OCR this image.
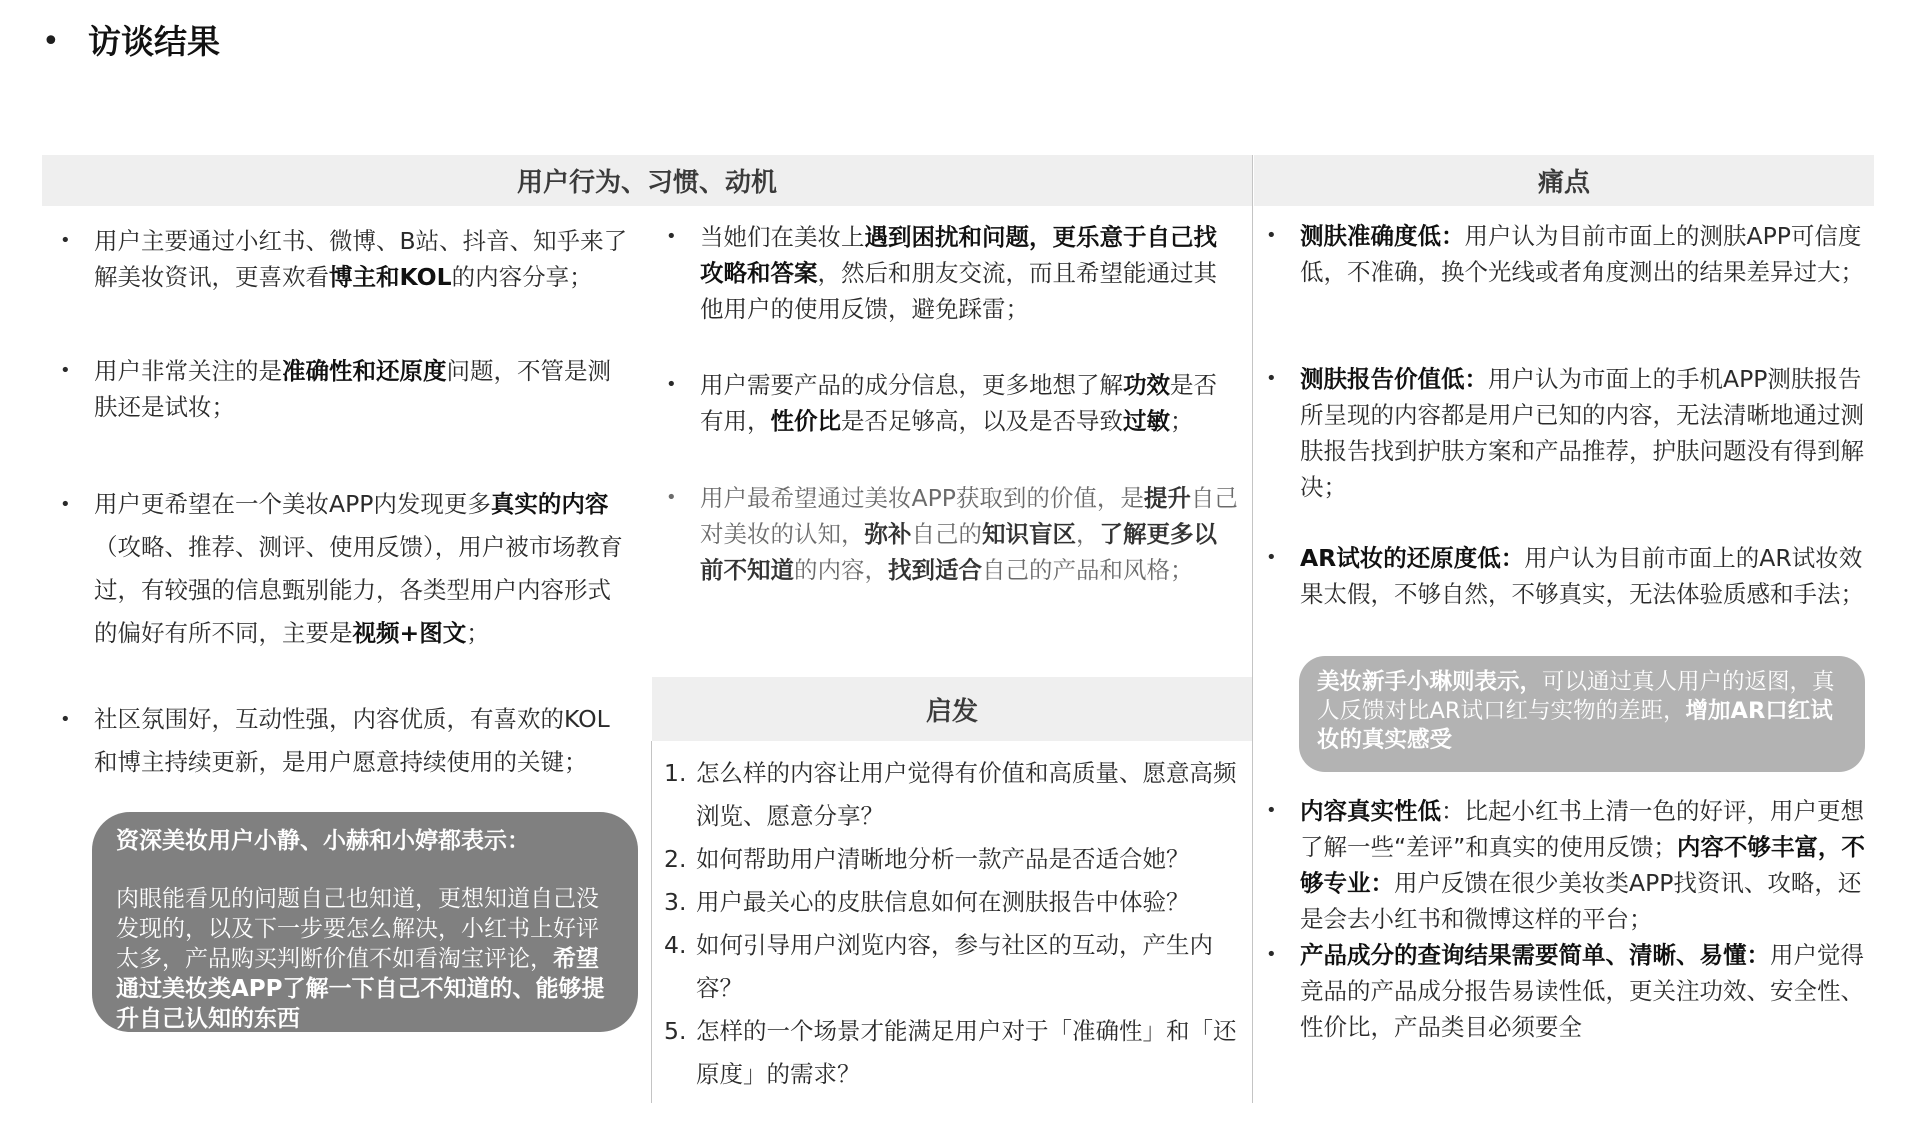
• 访谈结果
用户行为、习惯、动机	痛点
启发
• 用户主要通过小红书、微博、B站、抖音、知乎来了解美妆资讯，更喜欢看博主和KOL的内容分享；
• 用户非常关注的是准确性和还原度问题，不管是测肤还是试妆；
• 用户更希望在一个美妆APP内发现更多真实的内容（攻略、推荐、测评、使用反馈），用户被市场教育过，有较强的信息甄别能力，各类型用户内容形式的偏好有所不同，主要是视频+图文；
• 社区氛围好，互动性强，内容优质，有喜欢的KOL和博主持续更新，是用户愿意持续使用的关键；
资深美妆用户小静、小赫和小婷都表示：
肉眼能看见的问题自己也知道，更想知道自己没发现的，以及下一步要怎么解决，小红书上好评太多，产品购买判断价值不如看淘宝评论，希望通过美妆类APP了解一下自己不知道的、能够提升自己认知的东西
• 当她们在美妆上遇到困扰和问题，更乐意于自己找攻略和答案，然后和朋友交流，而且希望能通过其他用户的使用反馈，避免踩雷；
• 用户需要产品的成分信息，更多地想了解功效是否有用，性价比是否足够高，以及是否导致过敏；
• 用户最希望通过美妆APP获取到的价值，是提升自己对美妆的认知，弥补自己的知识盲区，了解更多以前不知道的内容，找到适合自己的产品和风格；
1. 怎么样的内容让用户觉得有价值和高质量、愿意高频浏览、愿意分享？
2. 如何帮助用户清晰地分析一款产品是否适合她？
3. 用户最关心的皮肤信息如何在测肤报告中体验？
4. 如何引导用户浏览内容，参与社区的互动，产生内容？
5. 怎样的一个场景才能满足用户对于「准确性」和「还原度」的需求？
• 测肤准确度低：用户认为目前市面上的测肤APP可信度低，不准确，换个光线或者角度测出的结果差异过大；
• 测肤报告价值低：用户认为市面上的手机APP测肤报告所呈现的内容都是用户已知的内容，无法清晰地通过测肤报告找到护肤方案和产品推荐，护肤问题没有得到解决；
• AR试妆的还原度低：用户认为目前市面上的AR试妆效果太假，不够自然，不够真实，无法体验质感和手法；
美妆新手小琳则表示，可以通过真人用户的返图，真人反馈对比AR试口红与实物的差距，增加AR口红试妆的真实感受
• 内容真实性低：比起小红书上清一色的好评，用户更想了解一些“差评”和真实的使用反馈；内容不够丰富，不够专业：用户反馈在很少美妆类APP找资讯、攻略，还是会去小红书和微博这样的平台；
• 产品成分的查询结果需要简单、清晰、易懂：用户觉得竞品的产品成分报告易读性低，更关注功效、安全性、性价比，产品类目必须要全
